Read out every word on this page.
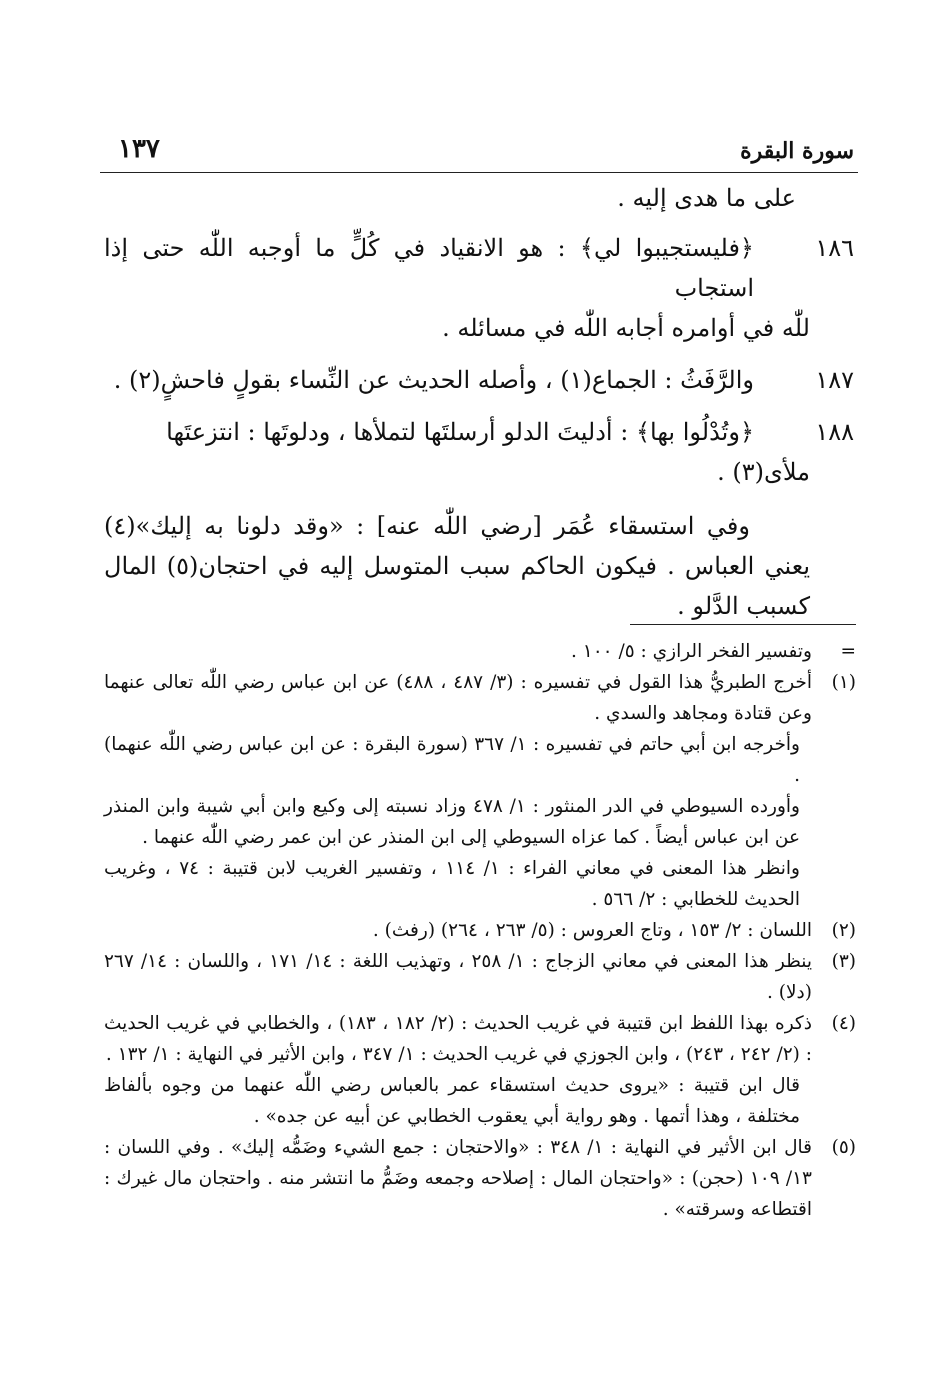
سورة البقرة
١٣٧
على ما هدى إليه .
١٨٦
﴿فليستجيبوا لي﴾ : هو الانقياد في كُلٍّ ما أوجبه اللّٰه حتى إذا استجاب
للّٰه في أوامره أجابه اللّٰه في مسائله .
١٨٧
والرَّفَثُ : الجماع(١) ، وأصله الحديث عن النِّساء بقولٍ فاحشٍ(٢) .
١٨٨
﴿وتُدْلُوا بها﴾ : أدليتَ الدلو أرسلتَها لتملأها ، ودلوتَها : انتزعتَها
ملأى(٣) .
وفي استسقاء عُمَر [رضي اللّٰه عنه] : «وقد دلونا به إليك»(٤) يعني العباس . فيكون الحاكم سبب المتوسل إليه في احتجان(٥) المال كسبب الدَّلو .
=
وتفسير الفخر الرازي : ٥/ ١٠٠ .
(١)
أخرج الطبريُّ هذا القول في تفسيره : (٣/ ٤٨٧ ، ٤٨٨) عن ابن عباس رضي اللّٰه تعالى عنهما وعن قتادة ومجاهد والسدي .
وأخرجه ابن أبي حاتم في تفسيره : ١/ ٣٦٧ (سورة البقرة : عن ابن عباس رضي اللّٰه عنهما) .
وأورده السيوطي في الدر المنثور : ١/ ٤٧٨ وزاد نسبته إلى وكيع وابن أبي شيبة وابن المنذر عن ابن عباس أيضاً . كما عزاه السيوطي إلى ابن المنذر عن ابن عمر رضي اللّٰه عنهما .
وانظر هذا المعنى في معاني الفراء : ١/ ١١٤ ، وتفسير الغريب لابن قتيبة : ٧٤ ، وغريب الحديث للخطابي : ٢/ ٥٦٦ .
(٢)
اللسان : ٢/ ١٥٣ ، وتاج العروس : (٥/ ٢٦٣ ، ٢٦٤) (رفث) .
(٣)
ينظر هذا المعنى في معاني الزجاج : ١/ ٢٥٨ ، وتهذيب اللغة : ١٤/ ١٧١ ، واللسان : ١٤/ ٢٦٧ (دلا) .
(٤)
ذكره بهذا اللفظ ابن قتيبة في غريب الحديث : (٢/ ١٨٢ ، ١٨٣) ، والخطابي في غريب الحديث : (٢/ ٢٤٢ ، ٢٤٣) ، وابن الجوزي في غريب الحديث : ١/ ٣٤٧ ، وابن الأثير في النهاية : ١/ ١٣٢ .
قال ابن قتيبة : «يروى حديث استسقاء عمر بالعباس رضي اللّٰه عنهما من وجوه بألفاظ مختلفة ، وهذا أتمها . وهو رواية أبي يعقوب الخطابي عن أبيه عن جده» .
(٥)
قال ابن الأثير في النهاية : ١/ ٣٤٨ : «والاحتجان : جمع الشيء وضَمُّه إليك» . وفي اللسان : ١٣/ ١٠٩ (حجن) : «واحتجان المال : إصلاحه وجمعه وضَمُّ ما انتشر منه . واحتجان مال غيرك : اقتطاعه وسرقته» .
